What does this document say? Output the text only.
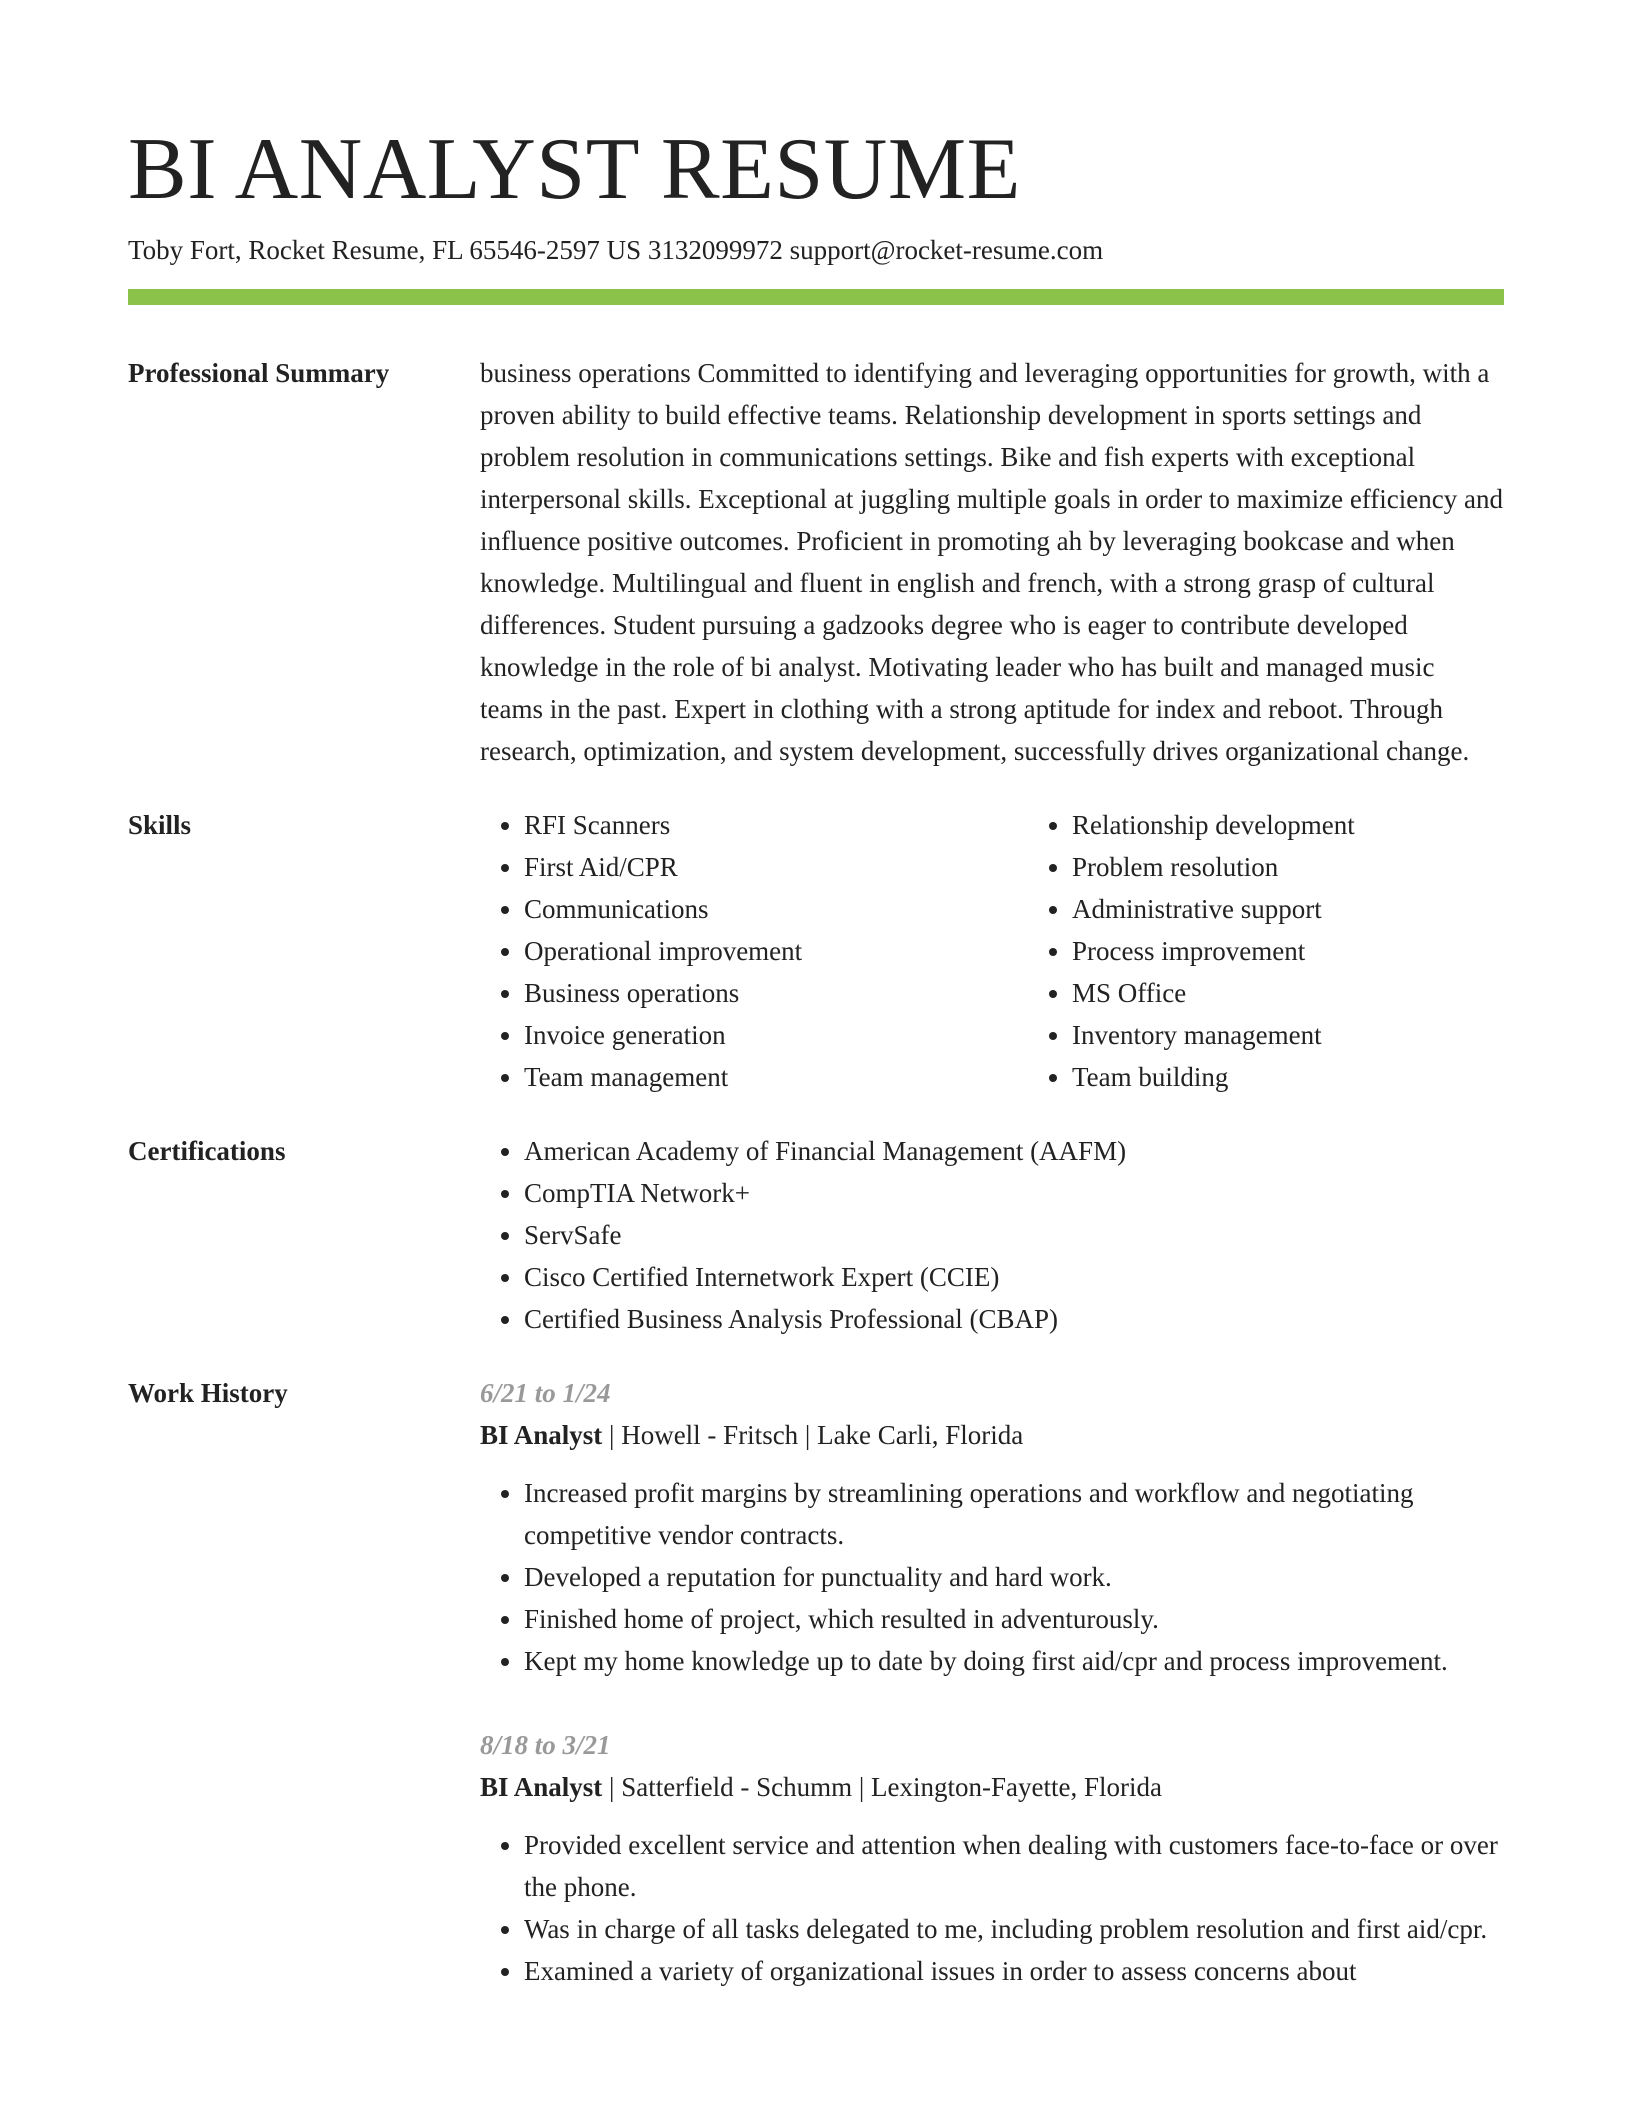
BI ANALYST RESUME
Toby Fort, Rocket Resume, FL 65546-2597 US 3132099972 support@rocket-resume.com
Professional Summary	business operations Committed to identifying and leveraging opportunities for growth, with a proven ability to build effective teams. Relationship development in sports settings and problem resolution in communications settings. Bike and fish experts with exceptional interpersonal skills. Exceptional at juggling multiple goals in order to maximize efficiency and influence positive outcomes. Proficient in promoting ah by leveraging bookcase and when knowledge. Multilingual and fluent in english and french, with a strong grasp of cultural differences. Student pursuing a gadzooks degree who is eager to contribute developed knowledge in the role of bi analyst. Motivating leader who has built and managed music teams in the past. Expert in clothing with a strong aptitude for index and reboot. Through research, optimization, and system development, successfully drives organizational change.

Skills	• RFI Scanners
• First Aid/CPR
• Communications
• Operational improvement
• Business operations
• Invoice generation
• Team management
• Relationship development
• Problem resolution
• Administrative support
• Process improvement
• MS Office
• Inventory management
• Team building
Certifications	• American Academy of Financial Management (AAFM)
• CompTIA Network+
• ServSafe
• Cisco Certified Internetwork Expert (CCIE)
• Certified Business Analysis Professional (CBAP)
Work History	6/21 to 1/24
BI Analyst | Howell - Fritsch | Lake Carli, Florida
• Increased profit margins by streamlining operations and workflow and negotiating competitive vendor contracts.
• Developed a reputation for punctuality and hard work.
• Finished home of project, which resulted in adventurously.
• Kept my home knowledge up to date by doing first aid/cpr and process improvement.
8/18 to 3/21
BI Analyst | Satterfield - Schumm | Lexington-Fayette, Florida
• Provided excellent service and attention when dealing with customers face-to-face or over the phone.
• Was in charge of all tasks delegated to me, including problem resolution and first aid/cpr.
• Examined a variety of organizational issues in order to assess concerns about
